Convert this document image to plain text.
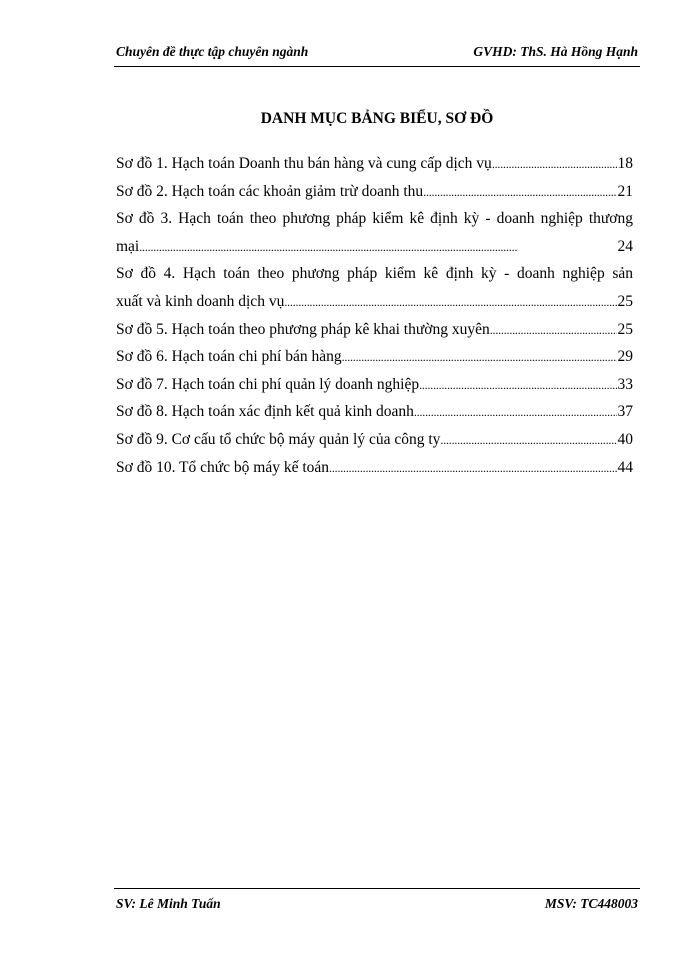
Chuyên đề thực tập chuyên ngành	GVHD: ThS. Hà Hồng Hạnh
DANH MỤC BẢNG BIỂU, SƠ ĐỒ
Sơ đồ 1. Hạch toán Doanh thu bán hàng và cung cấp dịch vụ . . .	18
Sơ đồ 2. Hạch toán các khoản giảm trừ doanh thu . . .	21
Sơ đồ 3. Hạch toán theo phương pháp kiểm kê định kỳ - doanh nghiệp thương
mại . . .	24
Sơ đồ 4. Hạch toán theo phương pháp kiểm kê định kỳ - doanh nghiệp sản
xuất và kinh doanh dịch vụ . . .	25
Sơ đồ 5. Hạch toán theo phương pháp kê khai thường xuyên . . .	25
Sơ đồ 6. Hạch toán chi phí bán hàng . . .	29
Sơ đồ 7. Hạch toán chi phí quản lý doanh nghiệp . . .	33
Sơ đồ 8. Hạch toán xác định kết quả kinh doanh . . .	37
Sơ đồ 9. Cơ cấu tổ chức bộ máy quản lý của công ty . . .	40
Sơ đồ 10. Tổ chức bộ máy kế toán . . .	44
SV: Lê Minh Tuấn	MSV: TC448003
